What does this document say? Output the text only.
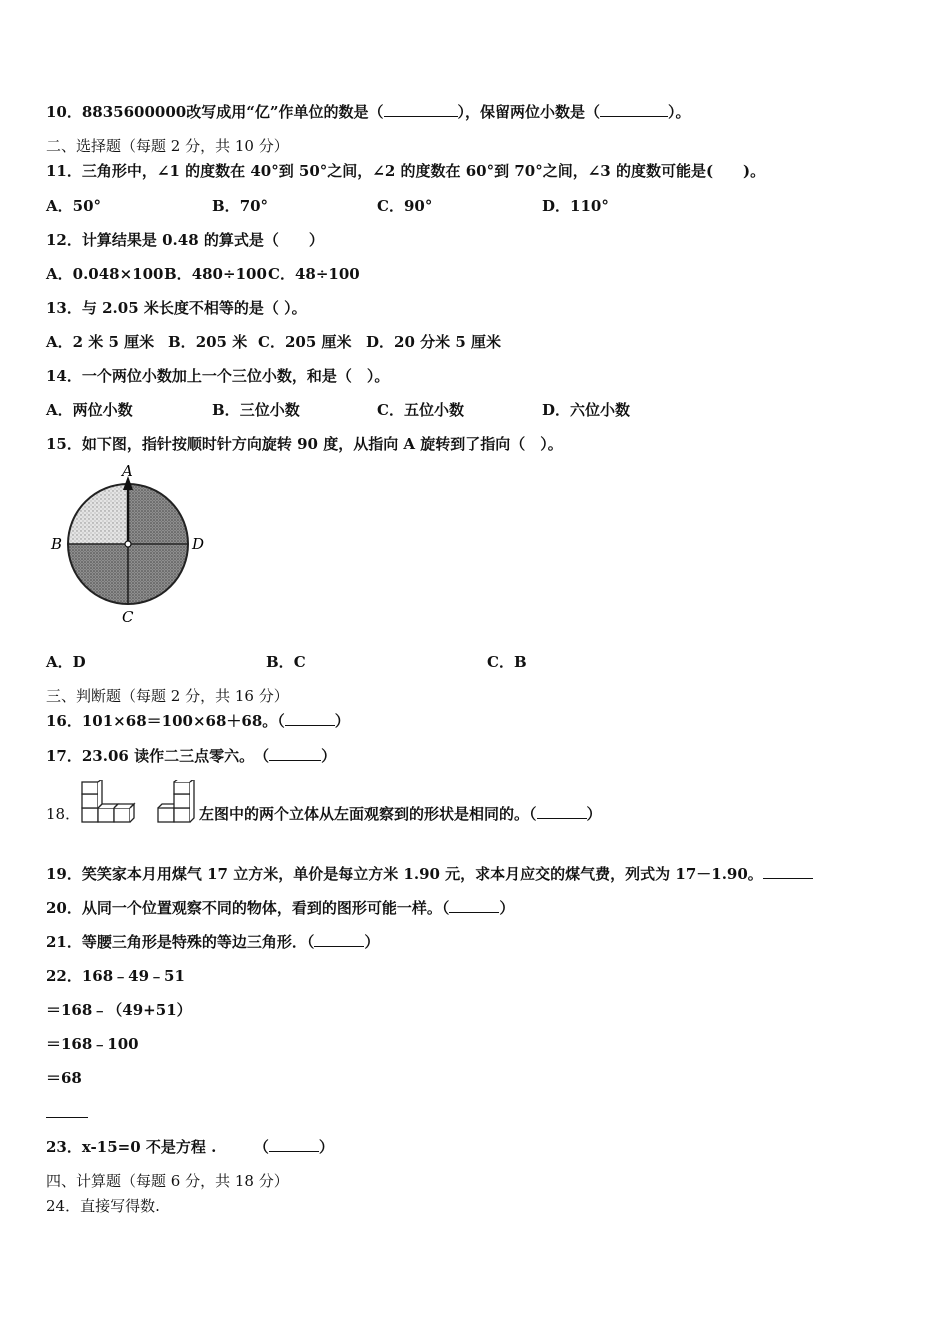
10．8835600000改写成用“亿”作单位的数是（	），保留两位小数是（	）。
二、选择题（每题 2 分，共 10 分）
11．三角形中，∠1 的度数在 40°到 50°之间，∠2 的度数在 60°到 70°之间，∠3 的度数可能是(　　)。
A．50°	B．70°	C．90°	D．110°
12．计算结果是 0.48 的算式是（　　）
A．0.048×100 B．480÷100 C．48÷100
13．与 2.05 米长度不相等的是（ ）。
A．2 米 5 厘米 B．205 米 C．205 厘米 D．20 分米 5 厘米
14．一个两位小数加上一个三位小数，和是（　）。
A．两位小数	B．三位小数	C．五位小数	D．六位小数
15．如下图，指针按顺时针方向旋转 90 度，从指向 A 旋转到了指向（　）。
A
B	D
C
A．D	B．C	C．B
三、判断题（每题 2 分，共 16 分）
16．101×68＝100×68＋68。（	）
17．23.06 读作二三点零六。　（	）
18．	左图中的两个立体从左面观察到的形状是相同的。（	）
19．笑笑家本月用煤气 17 立方米，单价是每立方米 1.90 元，求本月应交的煤气费，列式为 17－1.90。
20．从同一个位置观察不同的物体，看到的图形可能一样。（	）
21．等腰三角形是特殊的等边三角形．（	）
22．168﹣49﹣51
＝168﹣（49+51）
＝168﹣100
＝68
23．x-15=0 不是方程 .　　　（	）
四、计算题（每题 6 分，共 18 分）
24．直接写得数.
